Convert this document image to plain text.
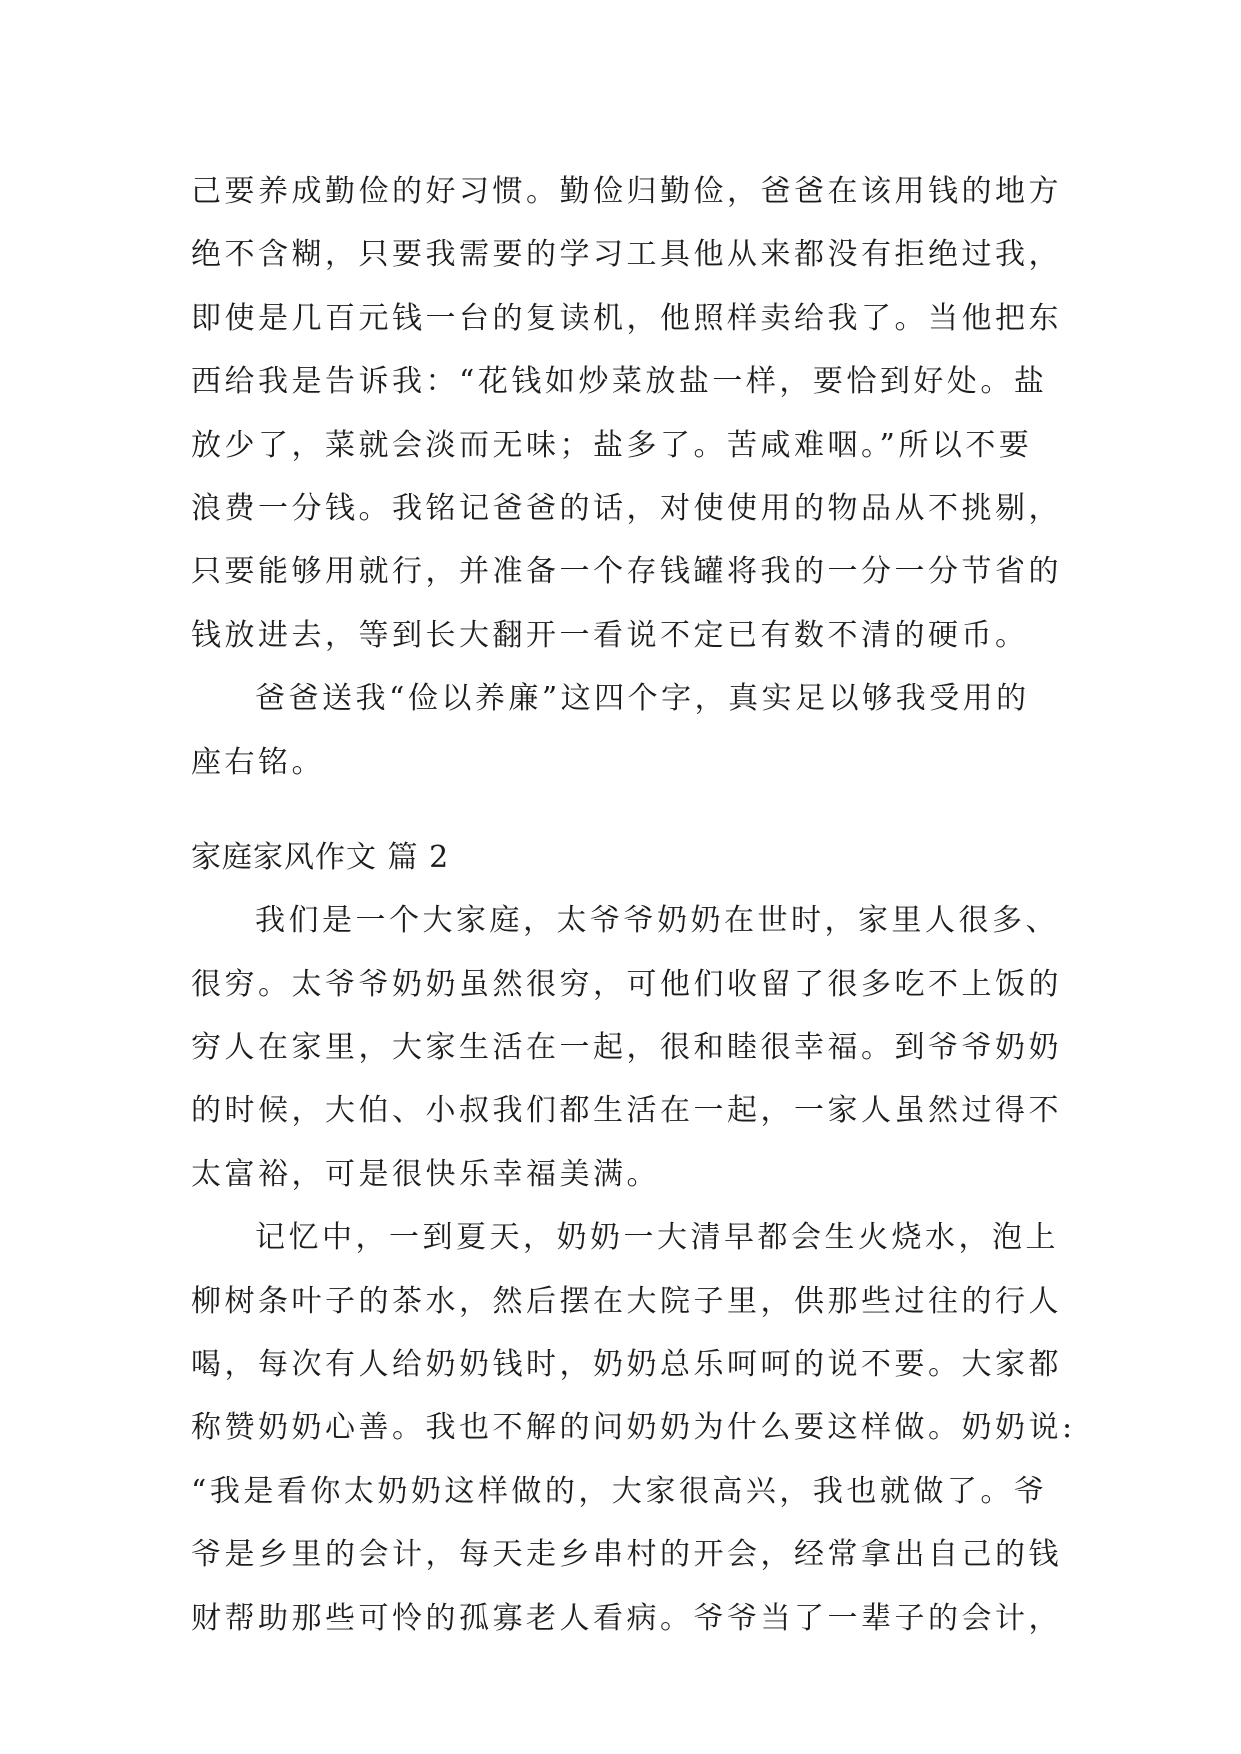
己要养成勤俭的好习惯。勤俭归勤俭，爸爸在该用钱的地方
绝不含糊，只要我需要的学习工具他从来都没有拒绝过我，
即使是几百元钱一台的复读机，他照样卖给我了。当他把东
西给我是告诉我：“花钱如炒菜放盐一样，要恰到好处。盐
放少了，菜就会淡而无味；盐多了。苦咸难咽。”所以不要
浪费一分钱。我铭记爸爸的话，对使使用的物品从不挑剔，
只要能够用就行，并准备一个存钱罐将我的一分一分节省的
钱放进去，等到长大翻开一看说不定已有数不清的硬币。
爸爸送我“俭以养廉”这四个字，真实足以够我受用的
座右铭。
家庭家风作文 篇 2
我们是一个大家庭，太爷爷奶奶在世时，家里人很多、
很穷。太爷爷奶奶虽然很穷，可他们收留了很多吃不上饭的
穷人在家里，大家生活在一起，很和睦很幸福。到爷爷奶奶
的时候，大伯、小叔我们都生活在一起，一家人虽然过得不
太富裕，可是很快乐幸福美满。
记忆中，一到夏天，奶奶一大清早都会生火烧水，泡上
柳树条叶子的茶水，然后摆在大院子里，供那些过往的行人
喝，每次有人给奶奶钱时，奶奶总乐呵呵的说不要。大家都
称赞奶奶心善。我也不解的问奶奶为什么要这样做。奶奶说:
“我是看你太奶奶这样做的，大家很高兴，我也就做了。爷
爷是乡里的会计，每天走乡串村的开会，经常拿出自己的钱
财帮助那些可怜的孤寡老人看病。爷爷当了一辈子的会计，
